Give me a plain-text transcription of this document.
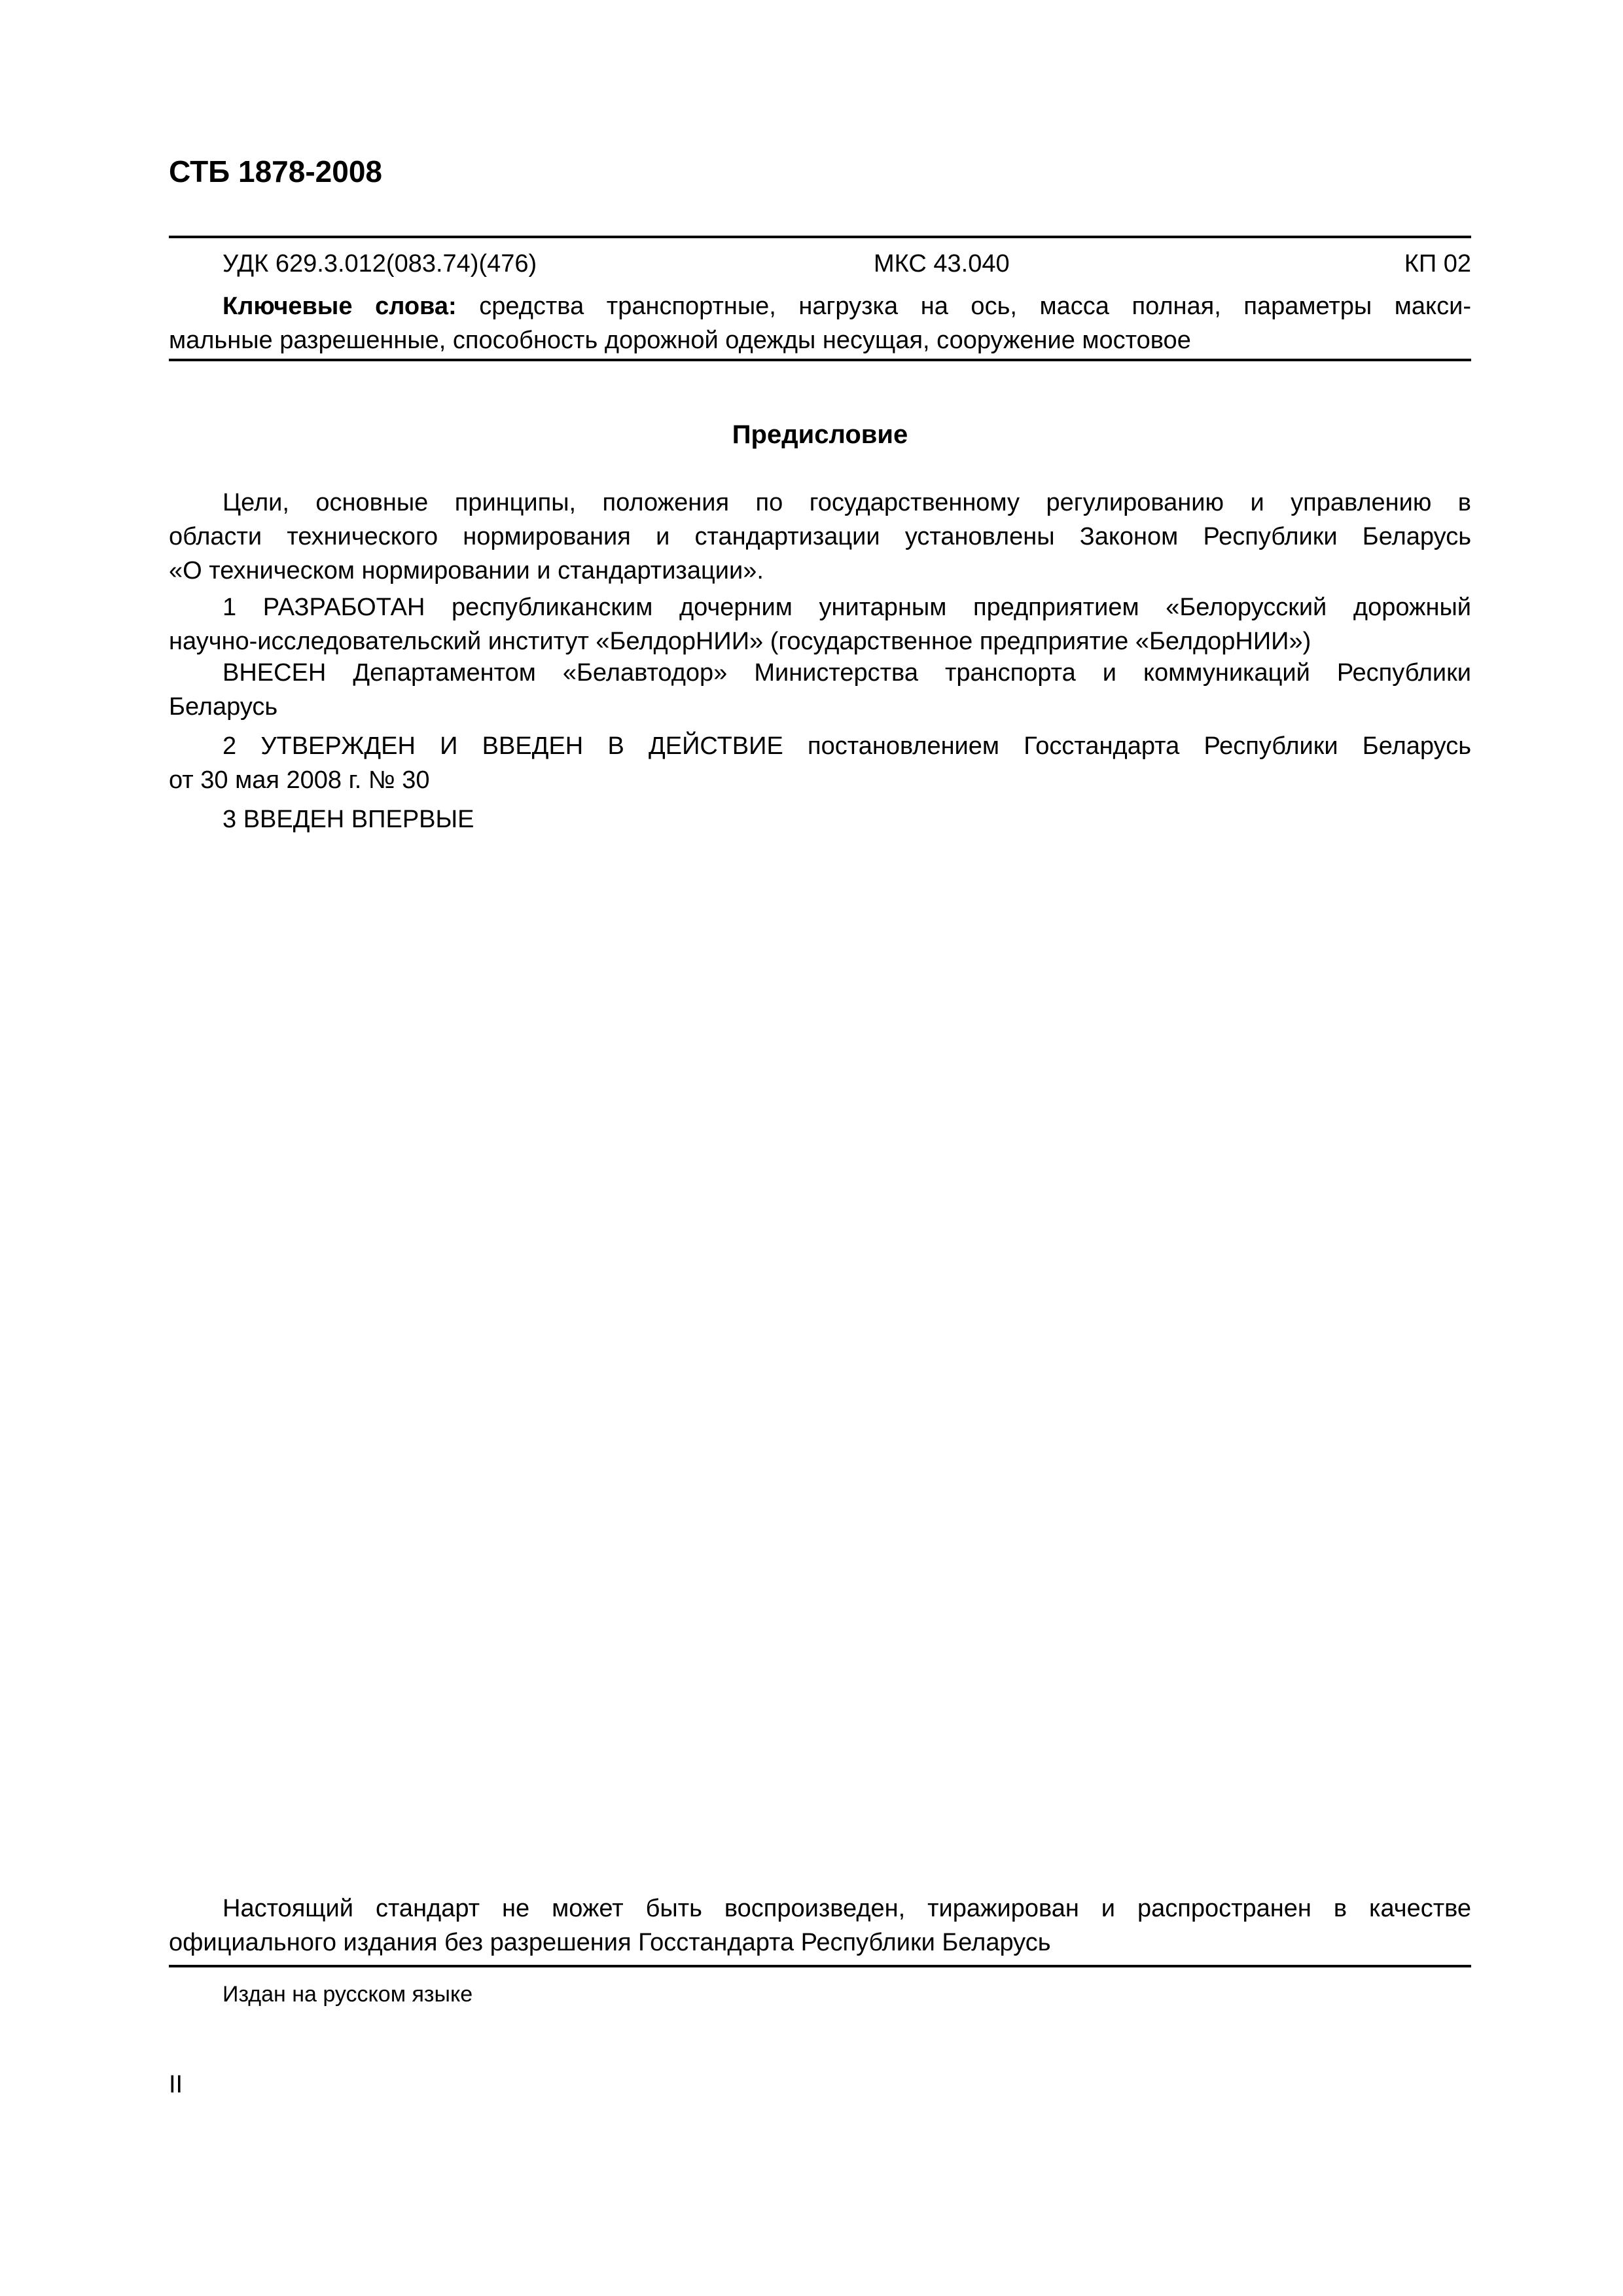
СТБ 1878-2008
УДК 629.3.012(083.74)(476)	МКС 43.040	КП 02

Ключевые слова: средства транспортные, нагрузка на ось, масса полная, параметры макси-

мальные разрешенные, способность дорожной одежды несущая, сооружение мостовое

Предисловие
Цели, основные принципы, положения по государственному регулированию и управлению в
области технического нормирования и стандартизации установлены Законом Республики Беларусь
«О техническом нормировании и стандартизации».
1 РАЗРАБОТАН республиканским дочерним унитарным предприятием «Белорусский дорожный
научно-исследовательский институт «БелдорНИИ» (государственное предприятие «БелдорНИИ»)
ВНЕСЕН Департаментом «Белавтодор» Министерства транспорта и коммуникаций Республики
Беларусь
2 УТВЕРЖДЕН И ВВЕДЕН В ДЕЙСТВИЕ постановлением Госстандарта Республики Беларусь
от 30 мая 2008 г. № 30
3 ВВЕДЕН ВПЕРВЫЕ
Настоящий стандарт не может быть воспроизведен, тиражирован и распространен в качестве
официального издания без разрешения Госстандарта Республики Беларусь
Издан на русском языке
II
